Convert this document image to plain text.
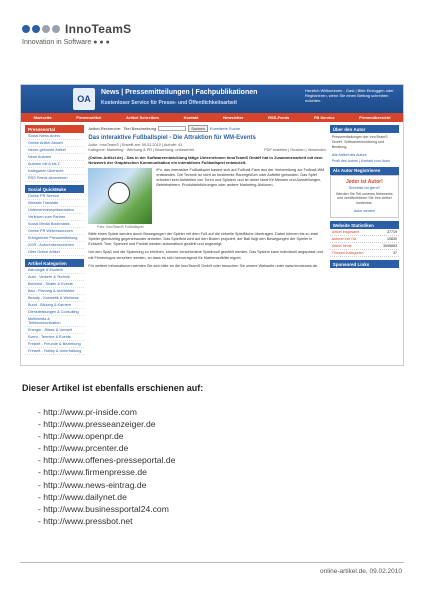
InnoTeamS
Innovation in Software ● ● ●
OA
News | Pressemitteilungen | Fachpublikationen
Kostenloser Service für Presse- und Öffentlichkeitsarbeit
Herzlich Willkommen - Gast | Bitte Einloggen oder Registrieren, wenn Sie einen Beitrag schreiben möchten
Startseite	Firmenartikel	Artikel Schreiben	Kontakt	Newsletter	RSS-Feeds	FB Service	Firmenübersicht
Pressesortal
Social News Archiv
Online Artikel Aktuell
Neuer-gekronte Artikel
Neue Autoren
Autoren mit A bis Z
Kategorien Übersicht
RSS Feeds abonnieren
Social QuickMake
Online PR Service
Website Translate
Unternehmenspräsentation
Verlinken zum Partner
Social Media Bookmarks
Online PR Webressourcen
Erfolgreiche Pressemitteilung
XOR - Autorenkennzeichen
Über Online Artikel
Artikel Kategorien
Astrologie & Esoterik
Auto - Verkehr & Technik
Bahnhof - Skater & Events
Bau - Planung & Architektur
Beauty - Kosmetik & Wellness
Bund - Bildung & Karriere
Dienstleistungen & Consulting
Multimedia & Telekommunikation
Energie - Bilanz & Umwelt
Event - Termine & Events
Freizeit - Freunde & Beziehung
Freizeit - Hobby & Unterhaltung
Artikel-Recherche: Titel Beschreibung	Suchen	Erweiterte Suche
Das interaktive Fußballspiel - Die Attraktion für WM-Events
Autor: InnoTeamS | Erstellt am: 09.02.2010 | Aufrufe: 41
Kategorie: Marketing · Werbung & PR | Bewertung: unbewertet	PDF erstellen | Drucken | Versenden
(Online-Artikel.de) - Das in der Softwareentwicklung tätige Unternehmen InnoTeamS GmbH hat in Zusammenarbeit mit dem Netzwerk der Graphischen Kommunikation ein interaktives Fußballspiel entwickelt.
Foto: InnoTeamS Fußballspiel
iPo, das interaktive Fußballspiel basiert sich auf Fußball-Fans aus der Vorbereitung zur Fußball-WM entstanden. Die Technik ist nicht an bestimmte Raumgrößen oder Auftritte gebunden. Das Spiel erfordert kein Aufstellen von Toren und Spielern und ist daher ideal für Messen und Ausstellungen, Betriebsfeiern, Produkteinführungen oder andere Marketing-Aktionen.
Bälle eines Spiels werden durch Bewegungen der Spieler mit dem Fuß auf die virtuelle Spielfläche übertragen. Dabei können bis zu zwei Spieler gleichzeitig gegeneinander antreten. Das Spielfeld wird auf den Boden projiziert, der Ball folgt den Bewegungen der Spieler in Echtzeit. Tore, Spielzeit und Punkte werden automatisch gezählt und angezeigt.
Um den Spaß und die Spannung zu erhöhen, können verschiedene Spielmodi gewählt werden. Das System kann individuell angepasst und mit Firmenlogos versehen werden, so dass es sich hervorragend für Markenauftritte eignet.
Für weitere Informationen wenden Sie sich bitte an die InnoTeamS GmbH oder besuchen Sie unsere Webseite unter www.innoteams.de.
Über den Autor
Pressemitteilungen der InnoTeamS GmbH, Softwareentwicklung und Beratung.
Alle Artikel des Autors
Profil des Autors | Kontakt zum Autor
Als Autor Registrieren
Jeder ist Autor!
Schreibt du gern?
Werden Sie Teil unseres Netzwerks und veröffentlichen Sie Ihre Artikel kostenlos.
Autor werden
Website Statistiken
Artikel insgesamt	37719
Autoren bei OA	10830
Artikel heute	3095853
Themen-Kategorien	37
Sponsored Links
Dieser Artikel ist ebenfalls erschienen auf:
- http://www.pr-inside.com
- http://www.presseanzeiger.de
- http://www.openpr.de
- http://www.prcenter.de
- http://www.offenes-presseportal.de
- http://www.firmenpresse.de
- http://www.news-eintrag.de
- http://www.dailynet.de
- http://www.businessportal24.com
- http://www.pressbot.net
online-artikel.de, 09.02.2010
